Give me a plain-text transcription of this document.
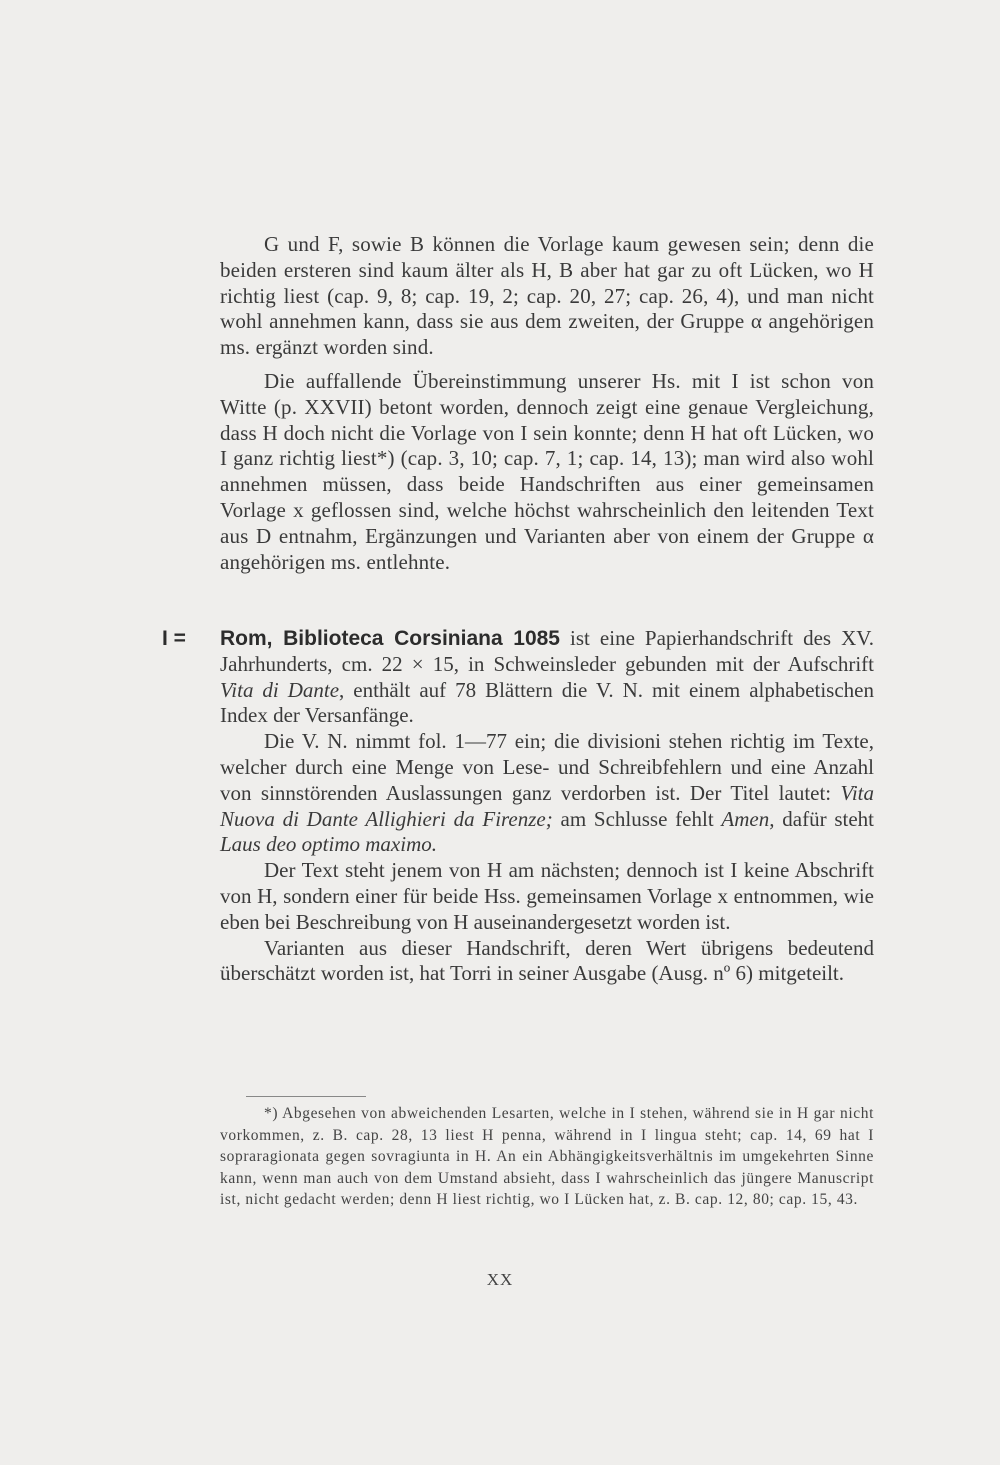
G und F, sowie B können die Vorlage kaum gewesen sein; denn die beiden ersteren sind kaum älter als H, B aber hat gar zu oft Lücken, wo H richtig liest (cap. 9, 8; cap. 19, 2; cap. 20, 27; cap. 26, 4), und man nicht wohl annehmen kann, dass sie aus dem zweiten, der Gruppe α angehörigen ms. ergänzt worden sind.

Die auffallende Übereinstimmung unserer Hs. mit I ist schon von Witte (p. XXVII) betont worden, dennoch zeigt eine genaue Vergleichung, dass H doch nicht die Vorlage von I sein konnte; denn H hat oft Lücken, wo I ganz richtig liest*) (cap. 3, 10; cap. 7, 1; cap. 14, 13); man wird also wohl annehmen müssen, dass beide Handschriften aus einer gemeinsamen Vorlage x geflossen sind, welche höchst wahrscheinlich den leitenden Text aus D entnahm, Ergänzungen und Varianten aber von einem der Gruppe α angehörigen ms. entlehnte.

I = Rom, Biblioteca Corsiniana 1085 ist eine Papierhandschrift des XV. Jahrhunderts, cm. 22 × 15, in Schweinsleder gebunden mit der Aufschrift Vita di Dante, enthält auf 78 Blättern die V. N. mit einem alphabetischen Index der Versanfänge.

Die V. N. nimmt fol. 1—77 ein; die divisioni stehen richtig im Texte, welcher durch eine Menge von Lese- und Schreibfehlern und eine Anzahl von sinnstörenden Auslassungen ganz verdorben ist. Der Titel lautet: Vita Nuova di Dante Allighieri da Firenze; am Schlusse fehlt Amen, dafür steht Laus deo optimo maximo.

Der Text steht jenem von H am nächsten; dennoch ist I keine Abschrift von H, sondern einer für beide Hss. gemeinsamen Vorlage x entnommen, wie eben bei Beschreibung von H auseinandergesetzt worden ist.

Varianten aus dieser Handschrift, deren Wert übrigens bedeutend überschätzt worden ist, hat Torri in seiner Ausgabe (Ausg. nº 6) mitgeteilt.

*) Abgesehen von abweichenden Lesarten, welche in I stehen, während sie in H gar nicht vorkommen, z. B. cap. 28, 13 liest H penna, während in I lingua steht; cap. 14, 69 hat I sopraragionata gegen sovragiunta in H. An ein Abhängigkeitsverhältnis im umgekehrten Sinne kann, wenn man auch von dem Umstand absieht, dass I wahrscheinlich das jüngere Manuscript ist, nicht gedacht werden; denn H liest richtig, wo I Lücken hat, z. B. cap. 12, 80; cap. 15, 43.

XX
